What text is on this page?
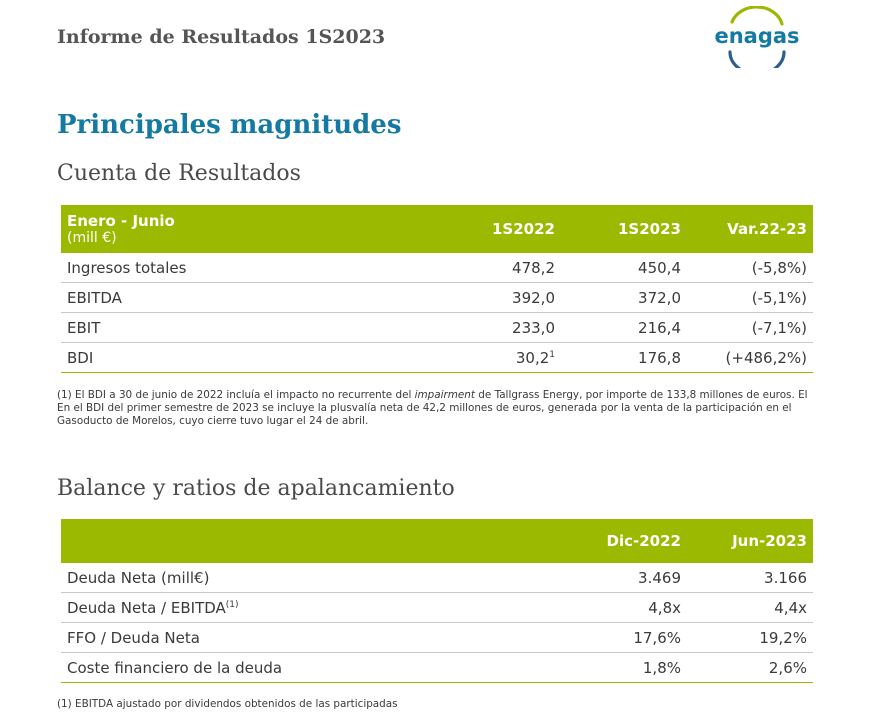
Informe de Resultados 1S2023	enagas
Principales magnitudes
Cuenta de Resultados
Enero - Junio
(mill €)	1S2022	1S2023	Var.22-23
Ingresos totales	478,2	450,4	(-5,8%)
EBITDA	392,0	372,0	(-5,1%)
EBIT	233,0	216,4	(-7,1%)
BDI	30,2$^1$	176,8	(+486,2%)
(1) El BDI a 30 de junio de 2022 incluía el impacto no recurrente del impairment de Tallgrass Energy, por importe de 133,8 millones de euros. El En el BDI del primer semestre de 2023 se incluye la plusvalía neta de 42,2 millones de euros, generada por la venta de la participación en el Gasoducto de Morelos, cuyo cierre tuvo lugar el 24 de abril.
Balance y ratios de apalancamiento
	Dic-2022	Jun-2023
Deuda Neta (mill€)	3.469	3.166
Deuda Neta / EBITDA$^{(1)}$	4,8x	4,4x
FFO / Deuda Neta	17,6%	19,2%
Coste financiero de la deuda	1,8%	2,6%
(1) EBITDA ajustado por dividendos obtenidos de las participadas
